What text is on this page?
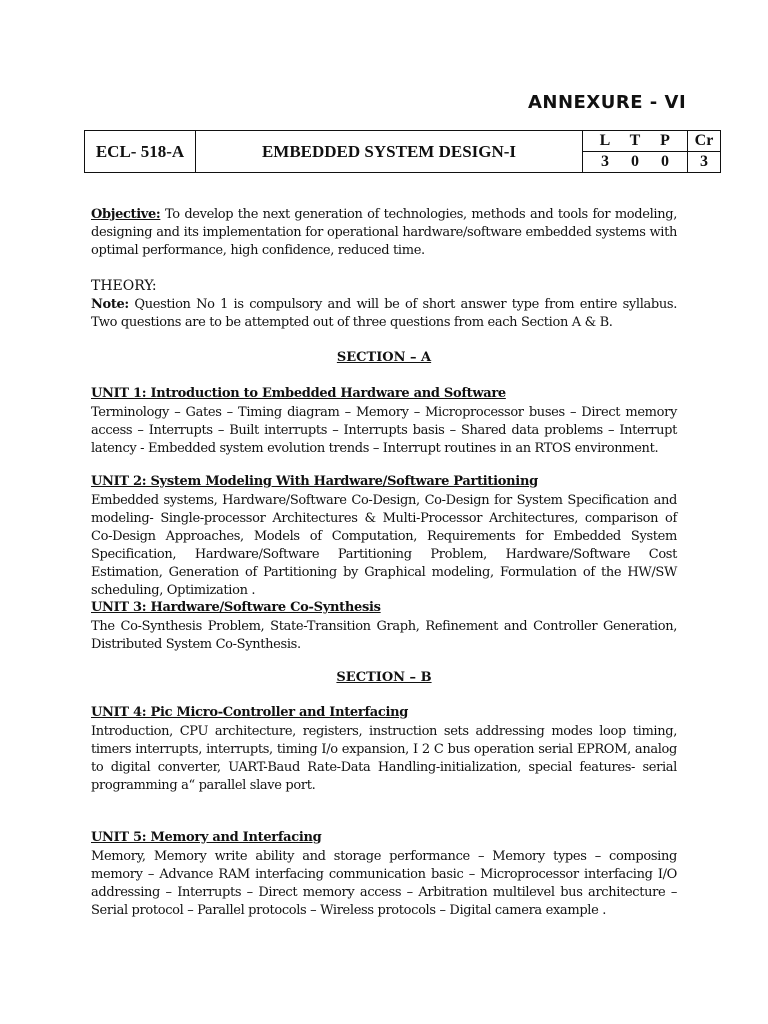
ANNEXURE - VI
ECL- 518-A	EMBEDDED SYSTEM DESIGN-I	L T P	Cr
		3 0 0	3
Objective: To develop the next generation of technologies, methods and tools for modeling, designing and its implementation for operational hardware/software embedded systems with optimal performance, high confidence, reduced time.
THEORY:
Note: Question No 1 is compulsory and will be of short answer type from entire syllabus. Two questions are to be attempted out of three questions from each Section A & B.
SECTION – A
UNIT 1: Introduction to Embedded Hardware and Software
Terminology – Gates – Timing diagram – Memory – Microprocessor buses – Direct memory access – Interrupts – Built interrupts – Interrupts basis – Shared data problems – Interrupt latency - Embedded system evolution trends – Interrupt routines in an RTOS environment.
UNIT 2: System Modeling With Hardware/Software Partitioning
Embedded systems, Hardware/Software Co-Design, Co-Design for System Specification and modeling- Single-processor Architectures & Multi-Processor Architectures, comparison of Co-Design Approaches, Models of Computation, Requirements for Embedded System Specification, Hardware/Software Partitioning Problem, Hardware/Software Cost Estimation, Generation of Partitioning by Graphical modeling, Formulation of the HW/SW scheduling, Optimization .
UNIT 3: Hardware/Software Co-Synthesis
The Co-Synthesis Problem, State-Transition Graph, Refinement and Controller Generation, Distributed System Co-Synthesis.
SECTION – B
UNIT 4: Pic Micro-Controller and Interfacing
Introduction, CPU architecture, registers, instruction sets addressing modes loop timing, timers interrupts, interrupts, timing I/o expansion, I 2 C bus operation serial EPROM, analog to digital converter, UART-Baud Rate-Data Handling-initialization, special features- serial programming a“ parallel slave port.
UNIT 5: Memory and Interfacing
Memory, Memory write ability and storage performance – Memory types – composing memory – Advance RAM interfacing communication basic – Microprocessor interfacing I/O addressing – Interrupts – Direct memory access – Arbitration multilevel bus architecture – Serial protocol – Parallel protocols – Wireless protocols – Digital camera example .
